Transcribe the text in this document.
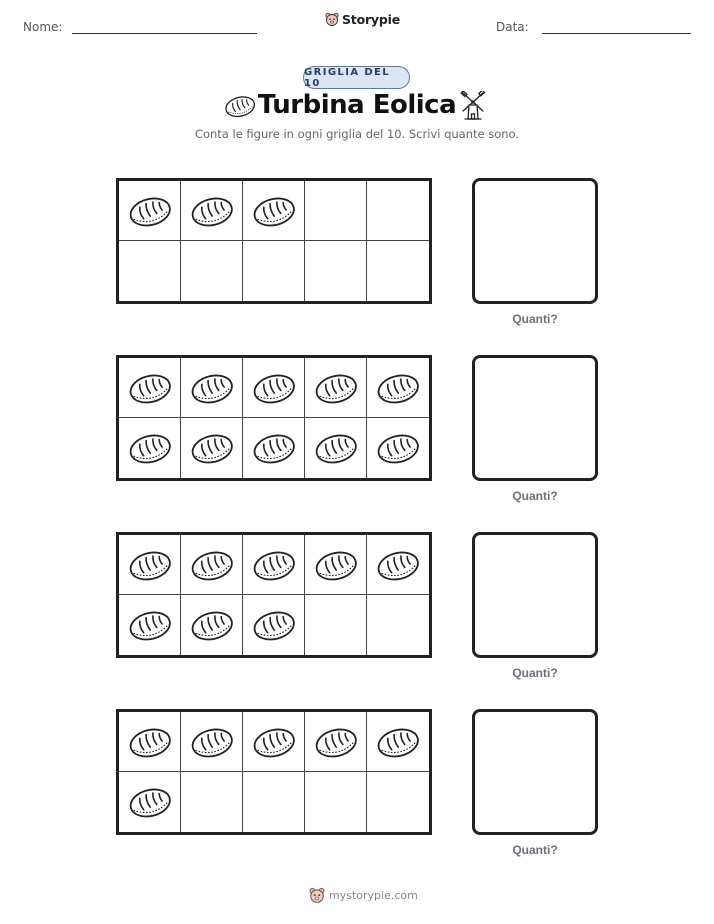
Nome:	Storypie	Data:
GRIGLIA DEL 10
Turbina Eolica
Conta le figure in ogni griglia del 10. Scrivi quante sono.
Quanti?
Quanti?
Quanti?
Quanti?
mystorypie.com
